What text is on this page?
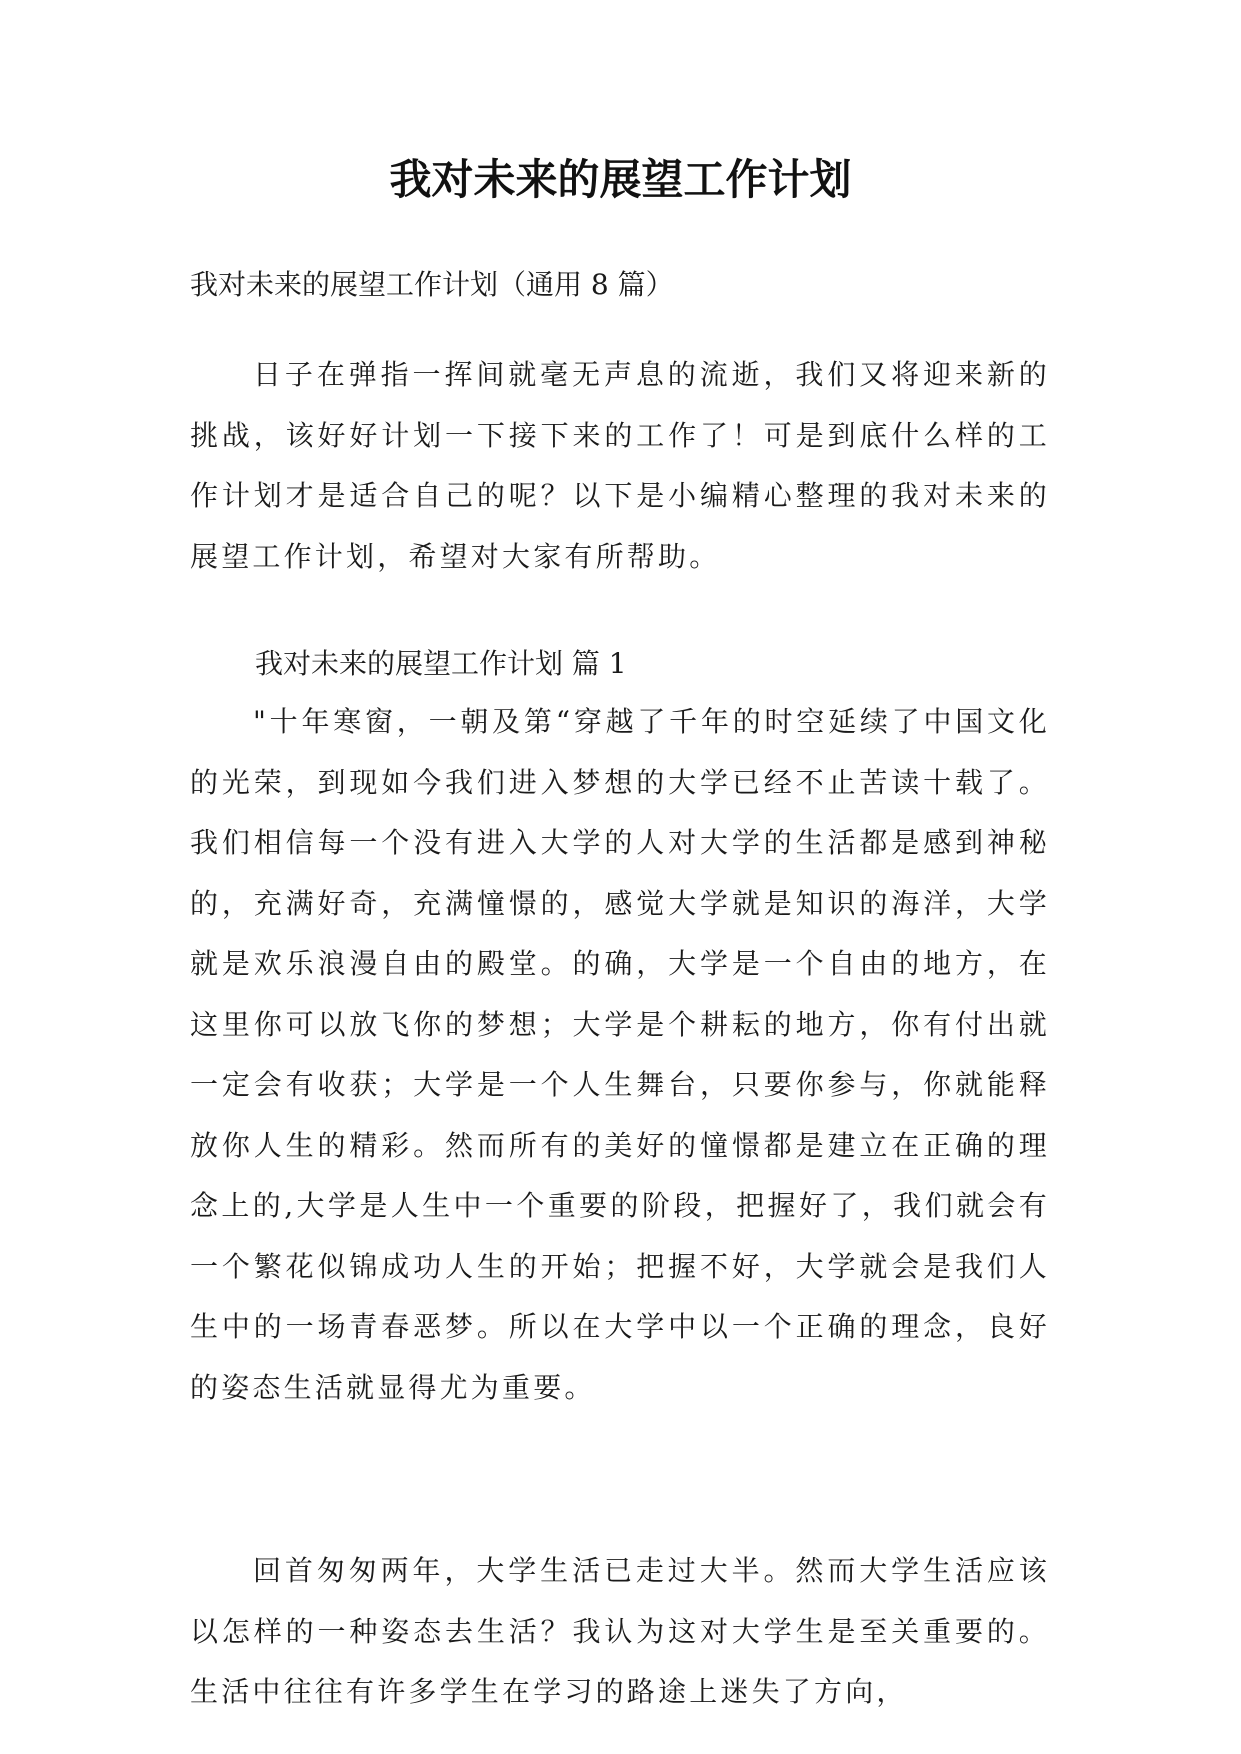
我对未来的展望工作计划

我对未来的展望工作计划（通用 8 篇）

日子在弹指一挥间就毫无声息的流逝，我们又将迎来新的挑战，该好好计划一下接下来的工作了！可是到底什么样的工作计划才是适合自己的呢？以下是小编精心整理的我对未来的展望工作计划，希望对大家有所帮助。

我对未来的展望工作计划 篇 1

"十年寒窗，一朝及第“穿越了千年的时空延续了中国文化的光荣，到现如今我们进入梦想的大学已经不止苦读十载了。我们相信每一个没有进入大学的人对大学的生活都是感到神秘的，充满好奇，充满憧憬的，感觉大学就是知识的海洋，大学就是欢乐浪漫自由的殿堂。的确，大学是一个自由的地方，在这里你可以放飞你的梦想；大学是个耕耘的地方，你有付出就一定会有收获；大学是一个人生舞台，只要你参与，你就能释放你人生的精彩。然而所有的美好的憧憬都是建立在正确的理念上的,大学是人生中一个重要的阶段，把握好了，我们就会有一个繁花似锦成功人生的开始；把握不好，大学就会是我们人生中的一场青春恶梦。所以在大学中以一个正确的理念，良好的姿态生活就显得尤为重要。

回首匆匆两年，大学生活已走过大半。然而大学生活应该以怎样的一种姿态去生活？我认为这对大学生是至关重要的。生活中往往有许多学生在学习的路途上迷失了方向，
